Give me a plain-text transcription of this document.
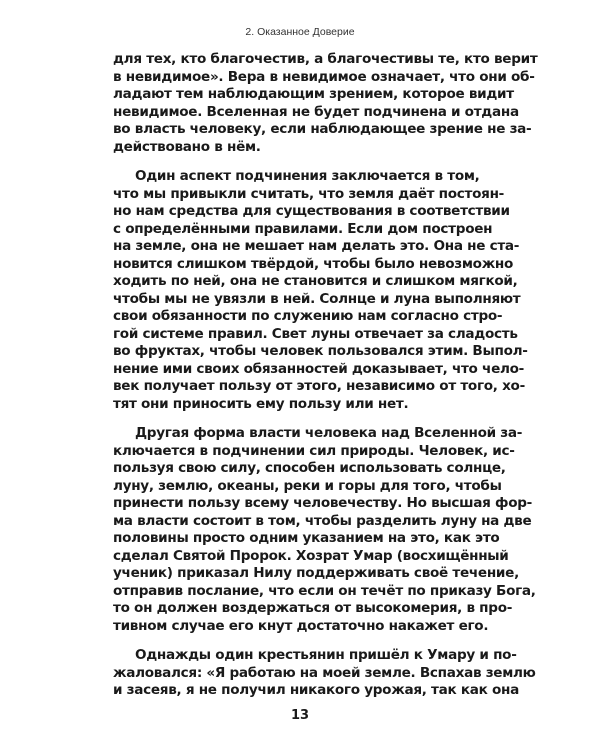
2. Оказанное Доверие
для тех, кто благочестив, а благочестивы те, кто верит
в невидимое». Вера в невидимое означает, что они об-
ладают тем наблюдающим зрением, которое видит
невидимое. Вселенная не будет подчинена и отдана
во власть человеку, если наблюдающее зрение не за-
действовано в нём.
Один аспект подчинения заключается в том,
что мы привыкли считать, что земля даёт постоян-
но нам средства для существования в соответствии
с определёнными правилами. Если дом построен
на земле, она не мешает нам делать это. Она не ста-
новится слишком твёрдой, чтобы было невозможно
ходить по ней, она не становится и слишком мягкой,
чтобы мы не увязли в ней. Солнце и луна выполняют
свои обязанности по служению нам согласно стро-
гой системе правил. Свет луны отвечает за сладость
во фруктах, чтобы человек пользовался этим. Выпол-
нение ими своих обязанностей доказывает, что чело-
век получает пользу от этого, независимо от того, хо-
тят они приносить ему пользу или нет.
Другая форма власти человека над Вселенной за-
ключается в подчинении сил природы. Человек, ис-
пользуя свою силу, способен использовать солнце,
луну, землю, океаны, реки и горы для того, чтобы
принести пользу всему человечеству. Но высшая фор-
ма власти состоит в том, чтобы разделить луну на две
половины просто одним указанием на это, как это
сделал Святой Пророк. Хозрат Умар (восхищённый
ученик) приказал Нилу поддерживать своё течение,
отправив послание, что если он течёт по приказу Бога,
то он должен воздержаться от высокомерия, в про-
тивном случае его кнут достаточно накажет его.
Однажды один крестьянин пришёл к Умару и по-
жаловался: «Я работаю на моей земле. Вспахав землю
и засеяв, я не получил никакого урожая, так как она
13
